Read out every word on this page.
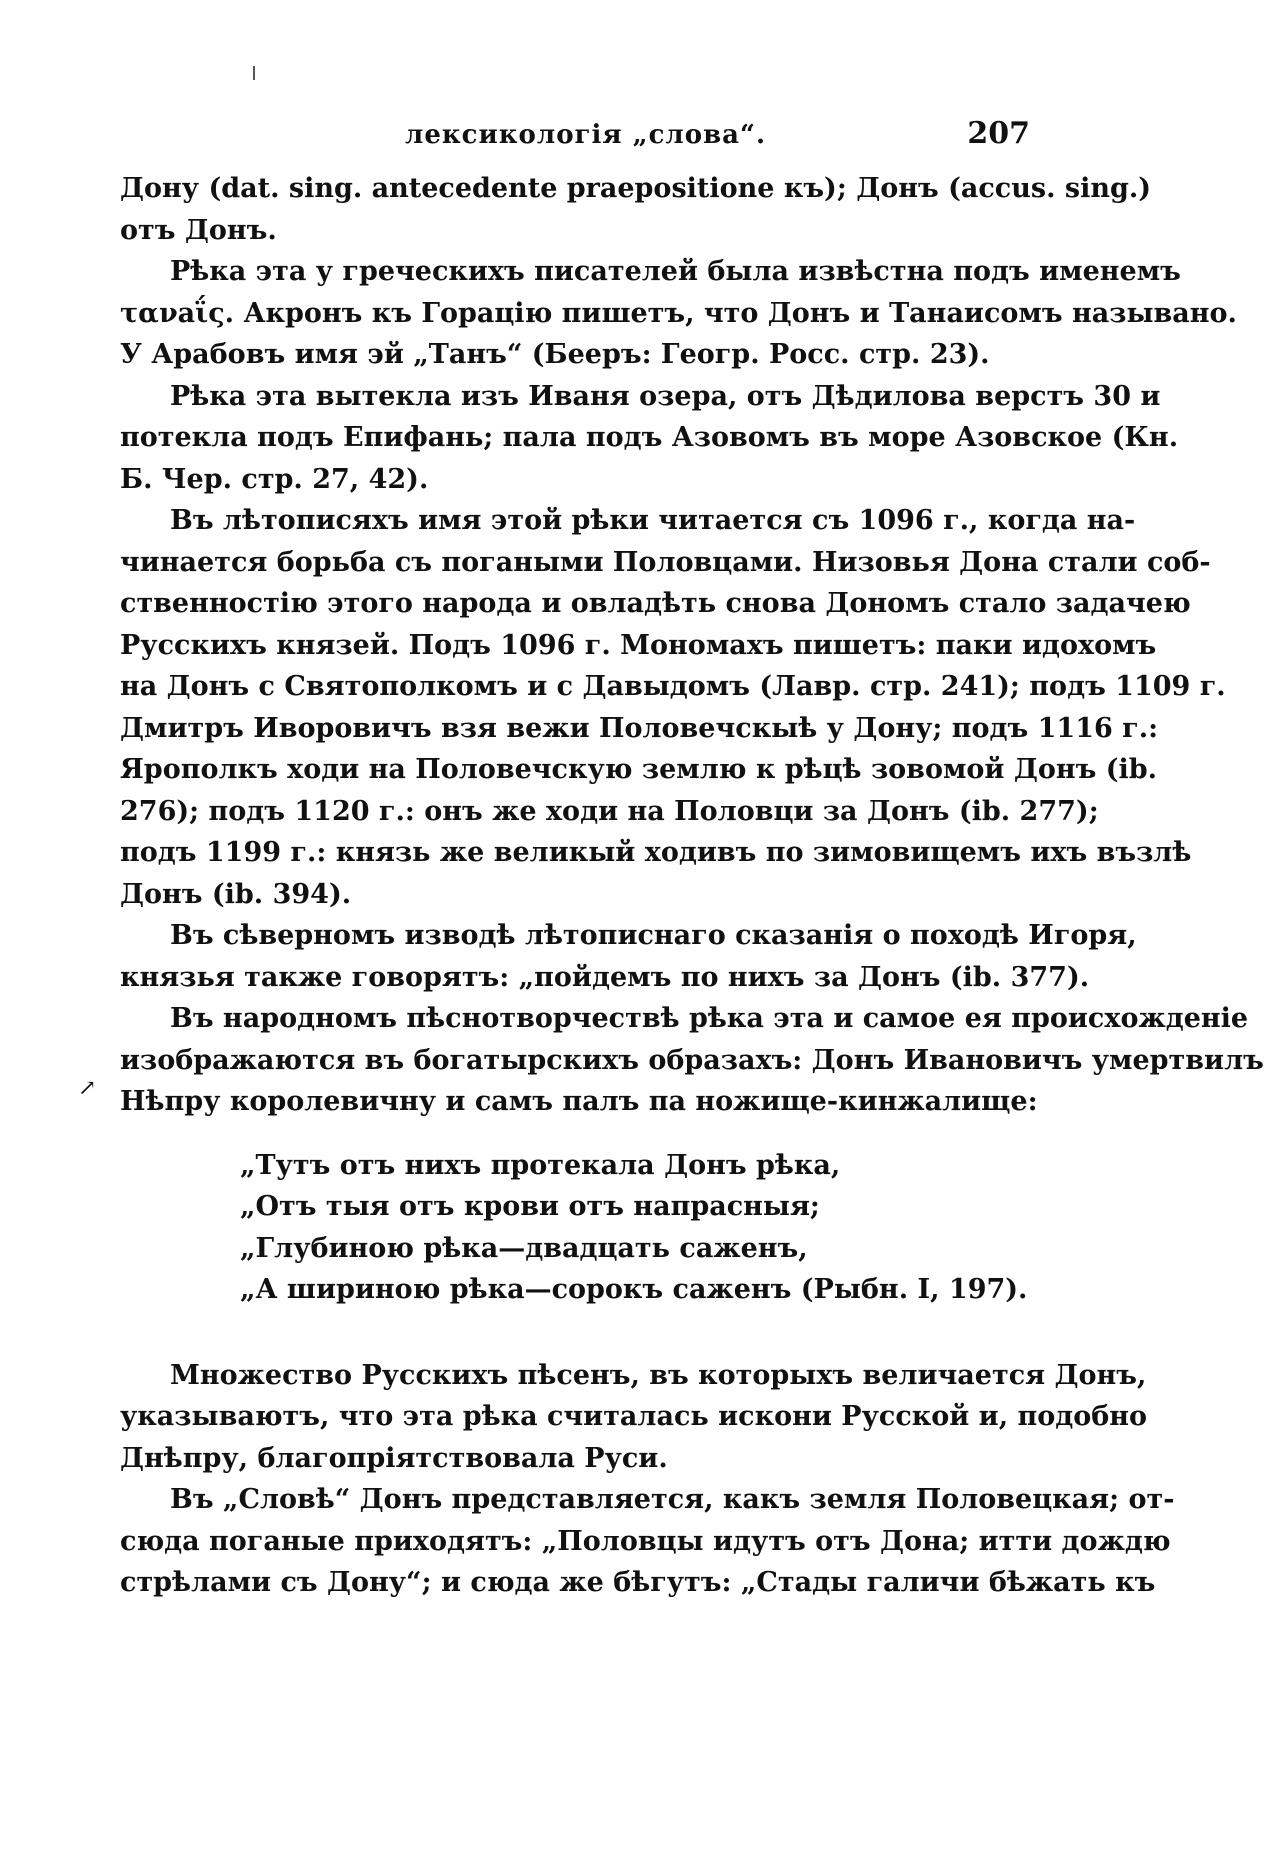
лексикологія „слова“.	207
↗
Дону (dat. sing. antecedente praepositione къ); Донъ (accus. sing.)
отъ Донъ.
Рѣка эта у греческихъ писателей была извѣстна подъ именемъ
τανaΐς. Акронъ къ Горацію пишетъ, что Донъ и Танаисомъ называно.
У Арабовъ имя эй „Танъ“ (Бееръ: Геогр. Росс. стр. 23).
Рѣка эта вытекла изъ Иваня озера, отъ Дѣдилова верстъ 30 и
потекла подъ Епифань; пала подъ Азовомъ въ море Азовское (Кн.
Б. Чер. стр. 27, 42).
Въ лѣтописяхъ имя этой рѣки читается съ 1096 г., когда на-
чинается борьба съ погаными Половцами. Низовья Дона стали соб-
ственностію этого народа и овладѣть снова Дономъ стало задачею
Русскихъ князей. Подъ 1096 г. Мономахъ пишетъ: паки идохомъ
на Донъ с Святополкомъ и с Давыдомъ (Лавр. стр. 241); подъ 1109 г.
Дмитръ Иворовичъ взя вежи Половечскыѣ у Дону; подъ 1116 г.:
Ярополкъ ходи на Половечскую землю к рѣцѣ зовомой Донъ (ib.
276); подъ 1120 г.: онъ же ходи на Половци за Донъ (ib. 277);
подъ 1199 г.: князь же великый ходивъ по зимовищемъ ихъ възлѣ
Донъ (ib. 394).
Въ сѣверномъ изводѣ лѣтописнаго сказанія о походѣ Игоря,
князья также говорятъ: „пойдемъ по нихъ за Донъ (ib. 377).
Въ народномъ пѣснотворчествѣ рѣка эта и самое ея происхожденіе
изображаются въ богатырскихъ образахъ: Донъ Ивановичъ умертвилъ
Нѣпру королевичну и самъ палъ па ножище-кинжалище:
„Тутъ отъ нихъ протекала Донъ рѣка,
„Отъ тыя отъ крови отъ напрасныя;
„Глубиною рѣка—двадцать саженъ,
„А шириною рѣка—сорокъ саженъ (Рыбн. I, 197).
Множество Русскихъ пѣсенъ, въ которыхъ величается Донъ,
указываютъ, что эта рѣка считалась искони Русской и, подобно
Днѣпру, благопріятствовала Руси.
Въ „Словѣ“ Донъ представляется, какъ земля Половецкая; от-
сюда поганые приходятъ: „Половцы идутъ отъ Дона; итти дождю
стрѣлами съ Дону“; и сюда же бѣгутъ: „Стады галичи бѣжать къ
